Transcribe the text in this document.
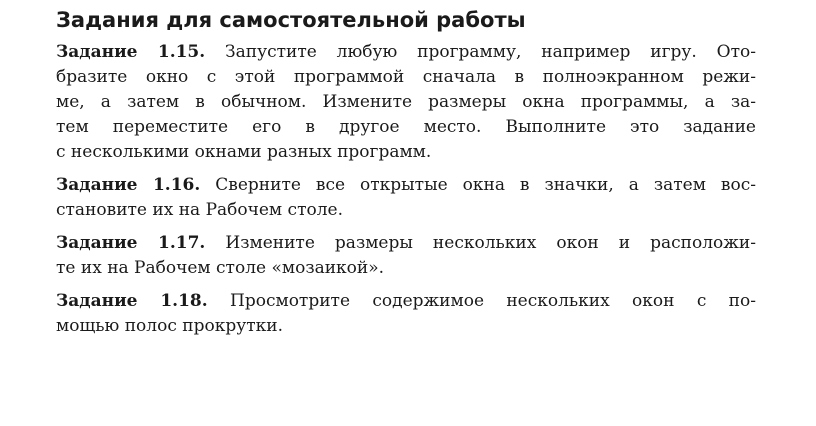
Задания для самостоятельной работы
Задание 1.15. Запустите любую программу, например игру. Ото-
бразите окно с этой программой сначала в полноэкранном режи-
ме, а затем в обычном. Измените размеры окна программы, а за-
тем переместите его в другое место. Выполните это задание
с несколькими окнами разных программ.
Задание 1.16. Сверните все открытые окна в значки, а затем вос-
становите их на Рабочем столе.
Задание 1.17. Измените размеры нескольких окон и расположи-
те их на Рабочем столе «мозаикой».
Задание 1.18. Просмотрите содержимое нескольких окон с по-
мощью полос прокрутки.
